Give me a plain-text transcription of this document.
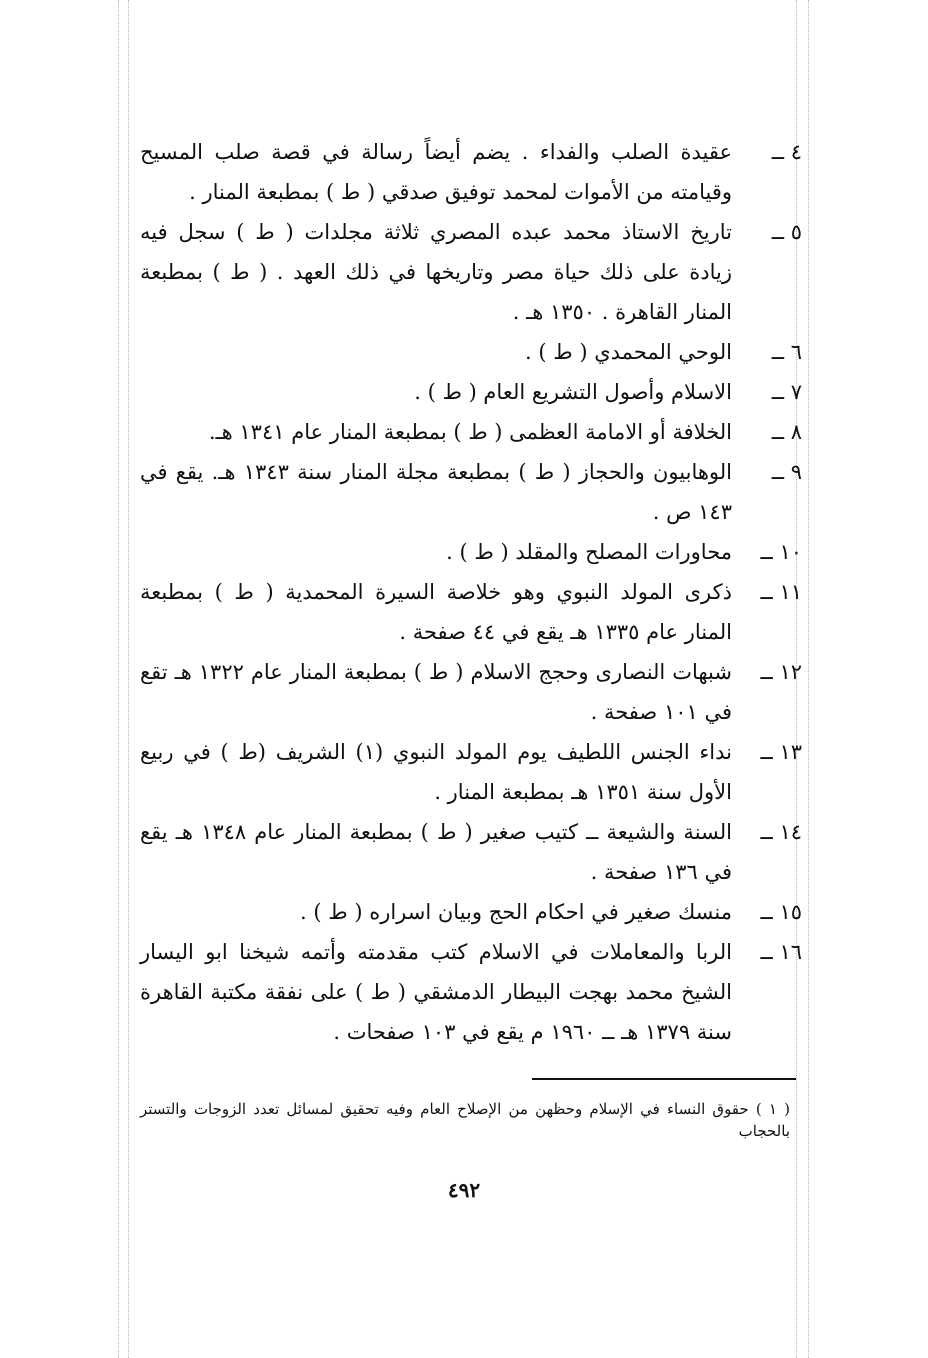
٤ ــ
عقيدة الصلب والفداء . يضم أيضاً رسالة في قصة صلب المسيح وقيامته من الأموات لمحمد توفيق صدقي ( ط ) بمطبعة المنار .
٥ ــ
تاريخ الاستاذ محمد عبده المصري ثلاثة مجلدات ( ط ) سجل فيه زيادة على ذلك حياة مصر وتاريخها في ذلك العهد . ( ط ) بمطبعة المنار القاهرة . ١٣٥٠ هـ .
٦ ــ
الوحي المحمدي ( ط ) .
٧ ــ
الاسلام وأصول التشريع العام ( ط ) .
٨ ــ
الخلافة أو الامامة العظمى ( ط ) بمطبعة المنار عام ١٣٤١ هـ.
٩ ــ
الوهابيون والحجاز ( ط ) بمطبعة مجلة المنار سنة ١٣٤٣ هـ. يقع في ١٤٣ ص .
١٠ ــ
محاورات المصلح والمقلد ( ط ) .
١١ ــ
ذكرى المولد النبوي وهو خلاصة السيرة المحمدية ( ط ) بمطبعة المنار عام ١٣٣٥ هـ يقع في ٤٤ صفحة .
١٢ ــ
شبهات النصارى وحجج الاسلام ( ط ) بمطبعة المنار عام ١٣٢٢ هـ تقع في ١٠١ صفحة .
١٣ ــ
نداء الجنس اللطيف يوم المولد النبوي (١) الشريف (ط ) في ربيع الأول سنة ١٣٥١ هـ بمطبعة المنار .
١٤ ــ
السنة والشيعة ــ كتيب صغير ( ط ) بمطبعة المنار عام ١٣٤٨ هـ يقع في ١٣٦ صفحة .
١٥ ــ
منسك صغير في احكام الحج وبيان اسراره ( ط ) .
١٦ ــ
الربا والمعاملات في الاسلام كتب مقدمته وأتمه شيخنا ابو اليسار الشيخ محمد بهجت البيطار الدمشقي ( ط ) على نفقة مكتبة القاهرة سنة ١٣٧٩ هـ ــ ١٩٦٠ م يقع في ١٠٣ صفحات .
( ١ ) حقوق النساء في الإسلام وحظهن من الإصلاح العام وفيه تحقيق لمسائل تعدد الزوجات والتستر بالحجاب
٤٩٢
